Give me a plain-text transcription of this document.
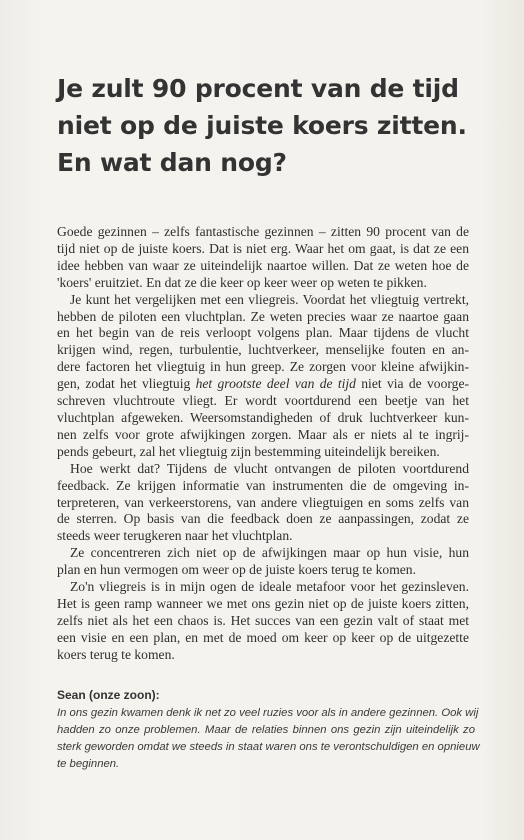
Je zult 90 procent van de tijd
niet op de juiste koers zitten.
En wat dan nog?

Goede gezinnen – zelfs fantastische gezinnen – zitten 90 procent van de
tijd niet op de juiste koers. Dat is niet erg. Waar het om gaat, is dat ze een
idee hebben van waar ze uiteindelijk naartoe willen. Dat ze weten hoe de
'koers' eruitziet. En dat ze die keer op keer weer op weten te pikken.

Je kunt het vergelijken met een vliegreis. Voordat het vliegtuig vertrekt,
hebben de piloten een vluchtplan. Ze weten precies waar ze naartoe gaan
en het begin van de reis verloopt volgens plan. Maar tijdens de vlucht
krijgen wind, regen, turbulentie, luchtverkeer, menselijke fouten en an-
dere factoren het vliegtuig in hun greep. Ze zorgen voor kleine afwijkin-
gen, zodat het vliegtuig het grootste deel van de tijd niet via de voorge-
schreven vluchtroute vliegt. Er wordt voortdurend een beetje van het
vluchtplan afgeweken. Weersomstandigheden of druk luchtverkeer kun-
nen zelfs voor grote afwijkingen zorgen. Maar als er niets al te ingrij-
pends gebeurt, zal het vliegtuig zijn bestemming uiteindelijk bereiken.

Hoe werkt dat? Tijdens de vlucht ontvangen de piloten voortdurend
feedback. Ze krijgen informatie van instrumenten die de omgeving in-
terpreteren, van verkeerstorens, van andere vliegtuigen en soms zelfs van
de sterren. Op basis van die feedback doen ze aanpassingen, zodat ze
steeds weer terugkeren naar het vluchtplan.

Ze concentreren zich niet op de afwijkingen maar op hun visie, hun
plan en hun vermogen om weer op de juiste koers terug te komen.

Zo'n vliegreis is in mijn ogen de ideale metafoor voor het gezinsleven.
Het is geen ramp wanneer we met ons gezin niet op de juiste koers zitten,
zelfs niet als het een chaos is. Het succes van een gezin valt of staat met
een visie en een plan, en met de moed om keer op keer op de uitgezette
koers terug te komen.

Sean (onze zoon):

In ons gezin kwamen denk ik net zo veel ruzies voor als in andere gezinnen. Ook wij
hadden zo onze problemen. Maar de relaties binnen ons gezin zijn uiteindelijk zo
sterk geworden omdat we steeds in staat waren ons te verontschuldigen en opnieuw
te beginnen.
